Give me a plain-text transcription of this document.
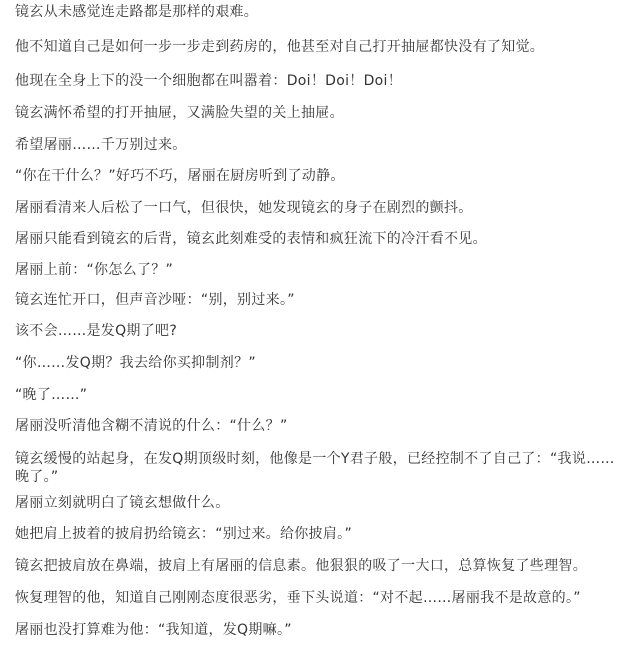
镜玄从未感觉连走路都是那样的艰难。

他不知道自己是如何一步一步走到药房的，他甚至对自己打开抽屉都快没有了知觉。

他现在全身上下的没一个细胞都在叫嚣着：Doi！Doi！Doi！

镜玄满怀希望的打开抽屉，又满脸失望的关上抽屉。

希望屠丽……千万别过来。

“你在干什么？”好巧不巧，屠丽在厨房听到了动静。

屠丽看清来人后松了一口气，但很快，她发现镜玄的身子在剧烈的颤抖。

屠丽只能看到镜玄的后背，镜玄此刻难受的表情和疯狂流下的冷汗看不见。

屠丽上前：“你怎么了？”

镜玄连忙开口，但声音沙哑：“别，别过来。”

该不会……是发Q期了吧?

“你……发Q期？我去给你买抑制剂？”

“晚了……”

屠丽没听清他含糊不清说的什么：“什么？”

镜玄缓慢的站起身，在发Q期顶级时刻，他像是一个Y君子般，已经控制不了自己了：“我说……晚了。”

屠丽立刻就明白了镜玄想做什么。

她把肩上披着的披肩扔给镜玄：“别过来。给你披肩。”

镜玄把披肩放在鼻端，披肩上有屠丽的信息素。他狠狠的吸了一大口，总算恢复了些理智。

恢复理智的他，知道自己刚刚态度很恶劣，垂下头说道：“对不起……屠丽我不是故意的。”

屠丽也没打算难为他：“我知道，发Q期嘛。”
